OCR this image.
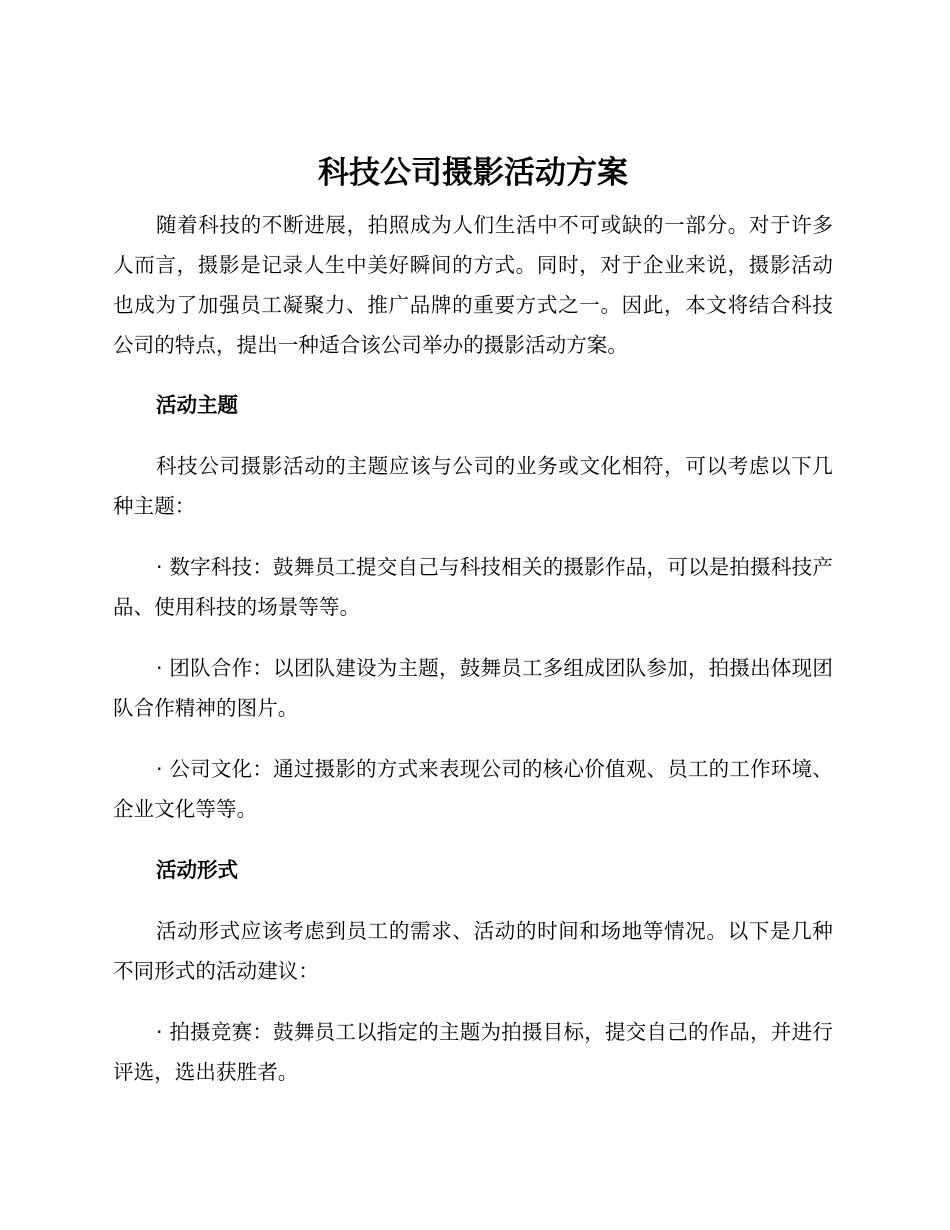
科技公司摄影活动方案

随着科技的不断进展，拍照成为人们生活中不可或缺的一部分。对于许多人而言，摄影是记录人生中美好瞬间的方式。同时，对于企业来说，摄影活动也成为了加强员工凝聚力、推广品牌的重要方式之一。因此，本文将结合科技公司的特点，提出一种适合该公司举办的摄影活动方案。

活动主题

科技公司摄影活动的主题应该与公司的业务或文化相符，可以考虑以下几种主题：

· 数字科技：鼓舞员工提交自己与科技相关的摄影作品，可以是拍摄科技产品、使用科技的场景等等。

· 团队合作：以团队建设为主题，鼓舞员工多组成团队参加，拍摄出体现团队合作精神的图片。

· 公司文化：通过摄影的方式来表现公司的核心价值观、员工的工作环境、企业文化等等。

活动形式

活动形式应该考虑到员工的需求、活动的时间和场地等情况。以下是几种不同形式的活动建议：

· 拍摄竞赛：鼓舞员工以指定的主题为拍摄目标，提交自己的作品，并进行评选，选出获胜者。
